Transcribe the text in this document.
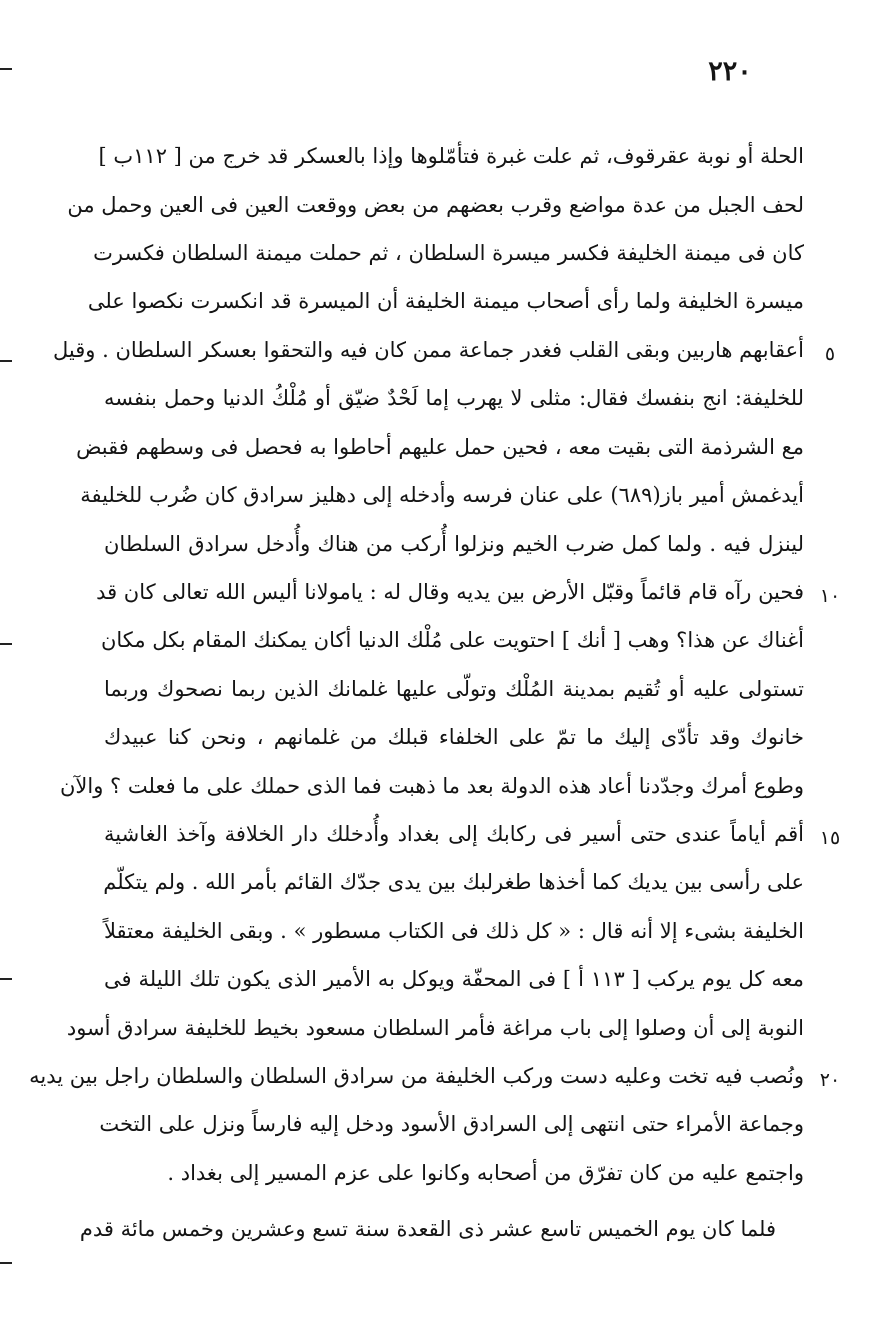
٢٢٠
الحلة أو نوبة عقرقوف، ثم علت غبرة فتأمّلوها وإذا بالعسكر قد خرج من [ ١١٢ب ]
لحف الجبل من عدة مواضع وقرب بعضهم من بعض ووقعت العين فى العين وحمل من
كان فى ميمنة الخليفة فكسر ميسرة السلطان ، ثم حملت ميمنة السلطان فكسرت
ميسرة الخليفة ولما رأى أصحاب ميمنة الخليفة أن الميسرة قد انكسرت نكصوا على
أعقابهم هاربين وبقى القلب فغدر جماعة ممن كان فيه والتحقوا بعسكر السلطان . وقيل
للخليفة: انج بنفسك فقال: مثلى لا يهرب إما لَحْدٌ ضيّق أو مُلْكُ الدنيا وحمل بنفسه
مع الشرذمة التى بقيت معه ، فحين حمل عليهم أحاطوا به فحصل فى وسطهم فقبض
أيدغمش أمير باز(٦٨٩) على عنان فرسه وأدخله إلى دهليز سرادق كان ضُرب للخليفة
لينزل فيه . ولما كمل ضرب الخيم ونزلوا أُركب من هناك وأُدخل سرادق السلطان
فحين رآه قام قائماً وقبّل الأرض بين يديه وقال له : يامولانا أليس الله تعالى كان قد
أغناك عن هذا؟ وهب [ أنك ] احتويت على مُلْك الدنيا أكان يمكنك المقام بكل مكان
تستولى عليه أو تُقيم بمدينة المُلْك وتولّى عليها غلمانك الذين ربما نصحوك وربما
خانوك وقد تأدّى إليك ما تمّ على الخلفاء قبلك من غلمانهم ، ونحن كنا عبيدك
وطوع أمرك وجدّدنا أعاد هذه الدولة بعد ما ذهبت فما الذى حملك على ما فعلت ؟ والآن
أقم أياماً عندى حتى أسير فى ركابك إلى بغداد وأُدخلك دار الخلافة وآخذ الغاشية
على رأسى بين يديك كما أخذها طغرلبك بين يدى جدّك القائم بأمر الله . ولم يتكلّم
الخليفة بشىء إلا أنه قال : « كل ذلك فى الكتاب مسطور » . وبقى الخليفة معتقلاً
معه كل يوم يركب [ ١١٣ أ ] فى المحفّة ويوكل به الأمير الذى يكون تلك الليلة فى
النوبة إلى أن وصلوا إلى باب مراغة فأمر السلطان مسعود بخيط للخليفة سرادق أسود
ونُصب فيه تخت وعليه دست وركب الخليفة من سرادق السلطان والسلطان راجل بين يديه
وجماعة الأمراء حتى انتهى إلى السرادق الأسود ودخل إليه فارساً ونزل على التخت
واجتمع عليه من كان تفرّق من أصحابه وكانوا على عزم المسير إلى بغداد .
فلما كان يوم الخميس تاسع عشر ذى القعدة سنة تسع وعشرين وخمس مائة قدم
٥
١٠
١٥
٢٠
